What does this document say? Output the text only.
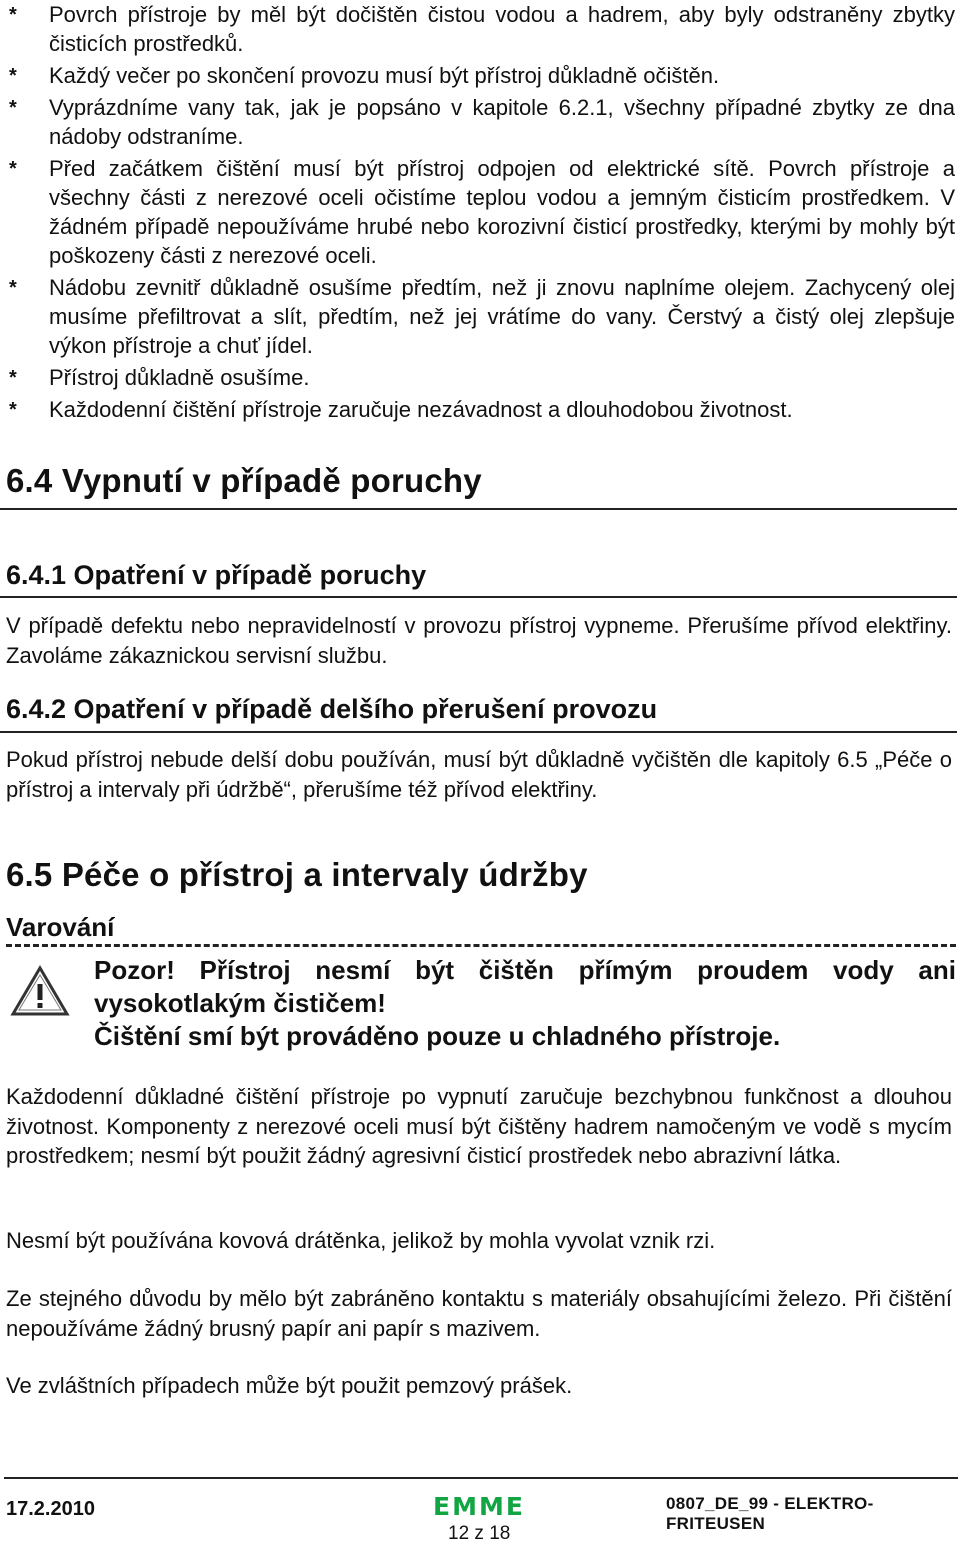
* Povrch přístroje by měl být dočištěn čistou vodou a hadrem, aby byly odstraněny zbytky čisticích prostředků.
* Každý večer po skončení provozu musí být přístroj důkladně očištěn.
* Vyprázdníme vany tak, jak je popsáno v kapitole 6.2.1, všechny případné zbytky ze dna nádoby odstraníme.
* Před začátkem čištění musí být přístroj odpojen od elektrické sítě. Povrch přístroje a všechny části z nerezové oceli očistíme teplou vodou a jemným čisticím prostředkem. V žádném případě nepoužíváme hrubé nebo korozivní čisticí prostředky, kterými by mohly být poškozeny části z nerezové oceli.
* Nádobu zevnitř důkladně osušíme předtím, než ji znovu naplníme olejem. Zachycený olej musíme přefiltrovat a slít, předtím, než jej vrátíme do vany. Čerstvý a čistý olej zlepšuje výkon přístroje a chuť jídel.
* Přístroj důkladně osušíme.
* Každodenní čištění přístroje zaručuje nezávadnost a dlouhodobou životnost.
6.4 Vypnutí v případě poruchy
6.4.1 Opatření v případě poruchy

V případě defektu nebo nepravidelností v provozu přístroj vypneme. Přerušíme přívod elektřiny. Zavoláme zákaznickou servisní službu.

6.4.2 Opatření v případě delšího přerušení provozu

Pokud přístroj nebude delší dobu používán, musí být důkladně vyčištěn dle kapitoly 6.5 „Péče o přístroj a intervaly při údržbě“, přerušíme též přívod elektřiny.

6.5 Péče o přístroj a intervaly údržby
Varování
Pozor! Přístroj nesmí být čištěn přímým proudem vody ani vysokotlakým čističem!
Čištění smí být prováděno pouze u chladného přístroje.

Každodenní důkladné čištění přístroje po vypnutí zaručuje bezchybnou funkčnost a dlouhou životnost. Komponenty z nerezové oceli musí být čištěny hadrem namočeným ve vodě s mycím prostředkem; nesmí být použit žádný agresivní čisticí prostředek nebo abrazivní látka.

Nesmí být používána kovová drátěnka, jelikož by mohla vyvolat vznik rzi.

Ze stejného důvodu by mělo být zabráněno kontaktu s materiály obsahujícími železo. Při čištění nepoužíváme žádný brusný papír ani papír s mazivem.

Ve zvláštních případech může být použit pemzový prášek.

17.2.2010	EMME
12 z 18
0807_DE_99 - ELEKTRO-FRITEUSEN
